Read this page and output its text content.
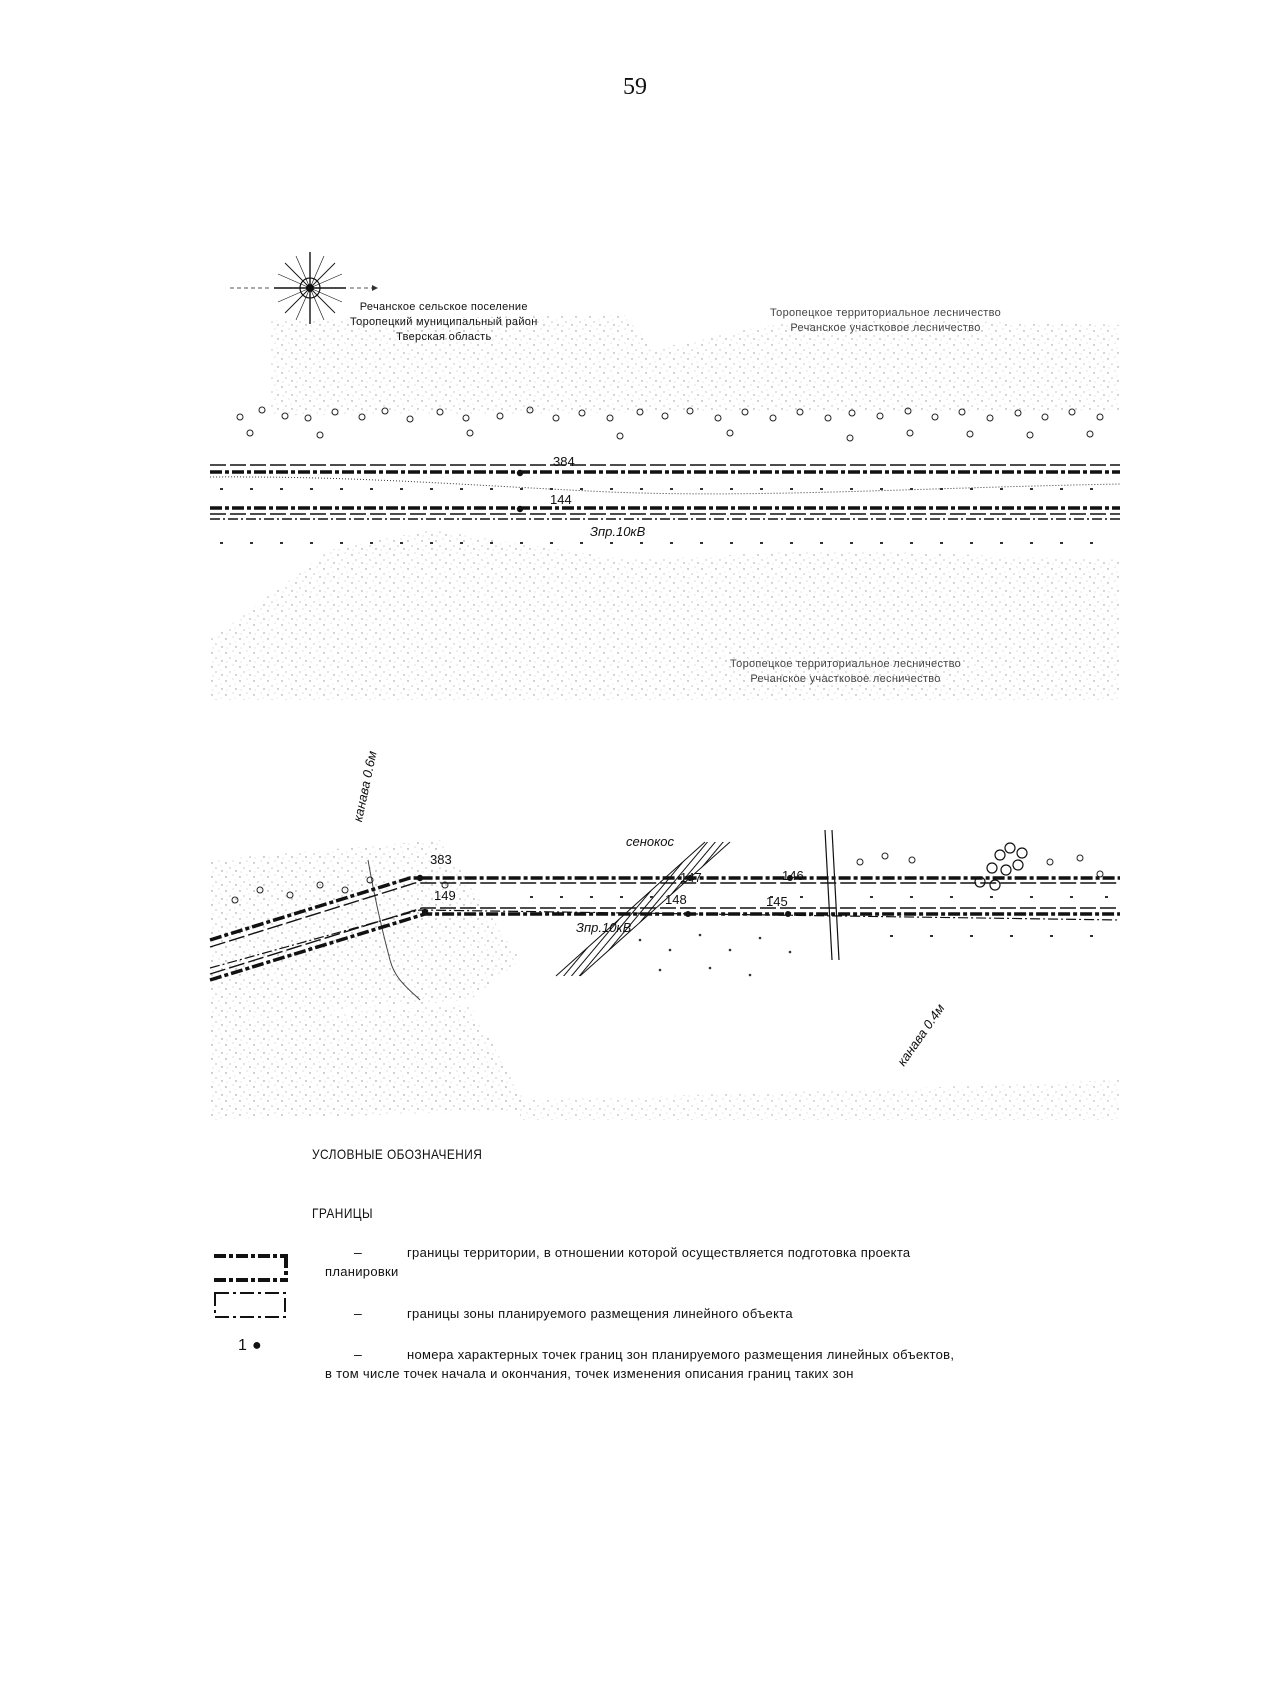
59
Речанское сельское поселение
Торопецкий муниципальный район
Тверская область
Торопецкое территориальное лесничество
Речанское участковое лесничество
Торопецкое территориальное лесничество
Речанское участковое лесничество
384
144
Зпр.10кВ
сенокос
канава 0.6м
канава 0.4м
383
149
147
148
146
145
Зпр.10кВ
УСЛОВНЫЕ ОБОЗНАЧЕНИЯ
ГРАНИЦЫ
1 ●
–	границы территории, в отношении которой осуществляется подготовка проекта
планировки
–	границы зоны планируемого размещения линейного объекта
–	номера характерных точек границ зон планируемого размещения линейных объектов,
в том числе точек начала и окончания, точек изменения описания границ таких зон
